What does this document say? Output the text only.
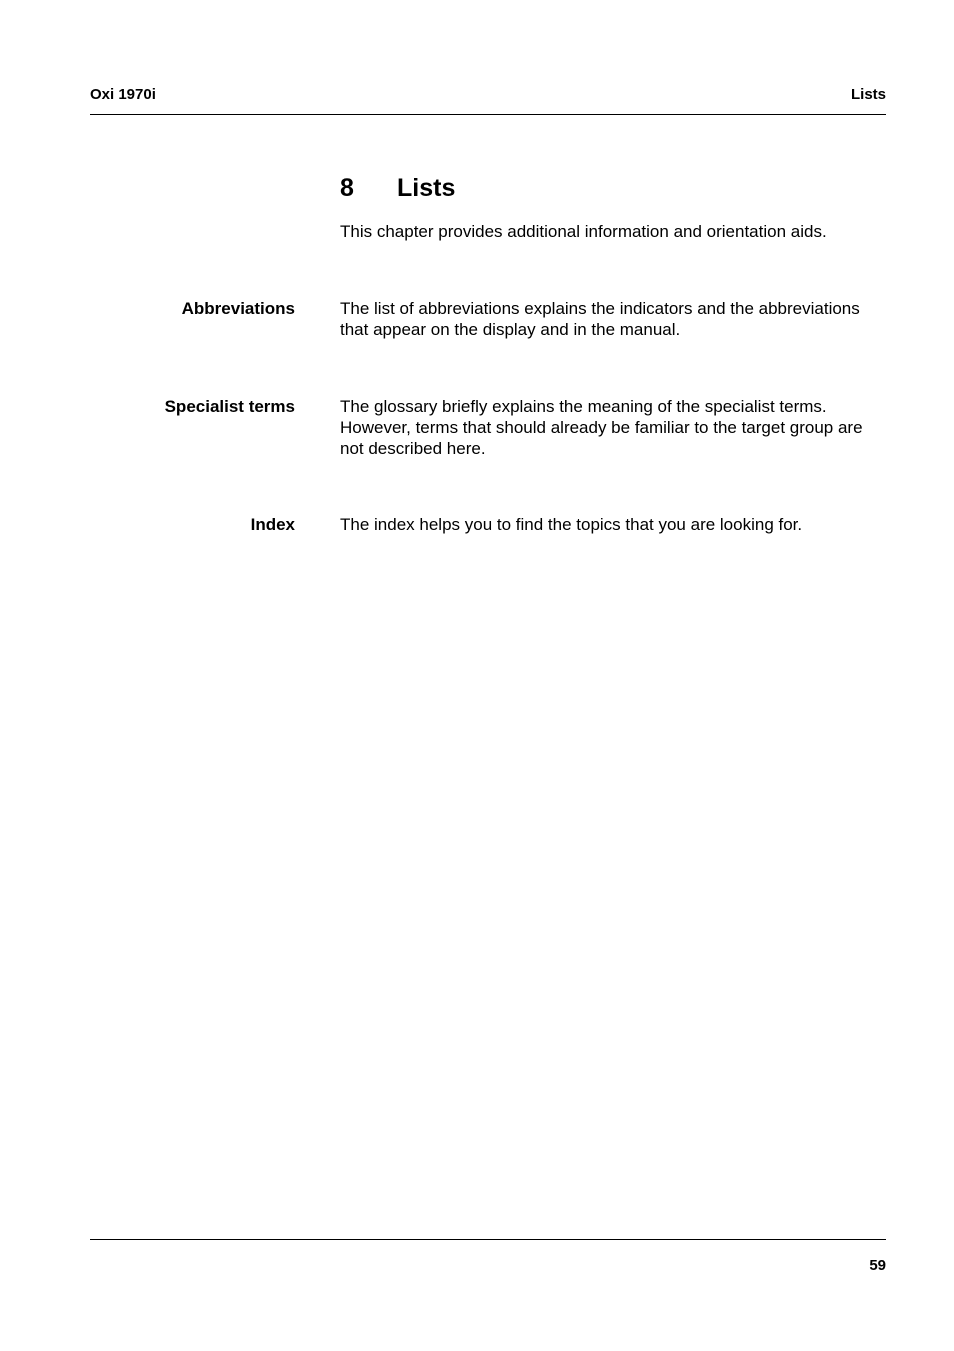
Oxi 1970i	Lists
8 Lists
This chapter provides additional information and orientation aids.
Abbreviations	The list of abbreviations explains the indicators and the abbreviations that appear on the display and in the manual.
Specialist terms	The glossary briefly explains the meaning of the specialist terms. However, terms that should already be familiar to the target group are not described here.
Index	The index helps you to find the topics that you are looking for.
59
